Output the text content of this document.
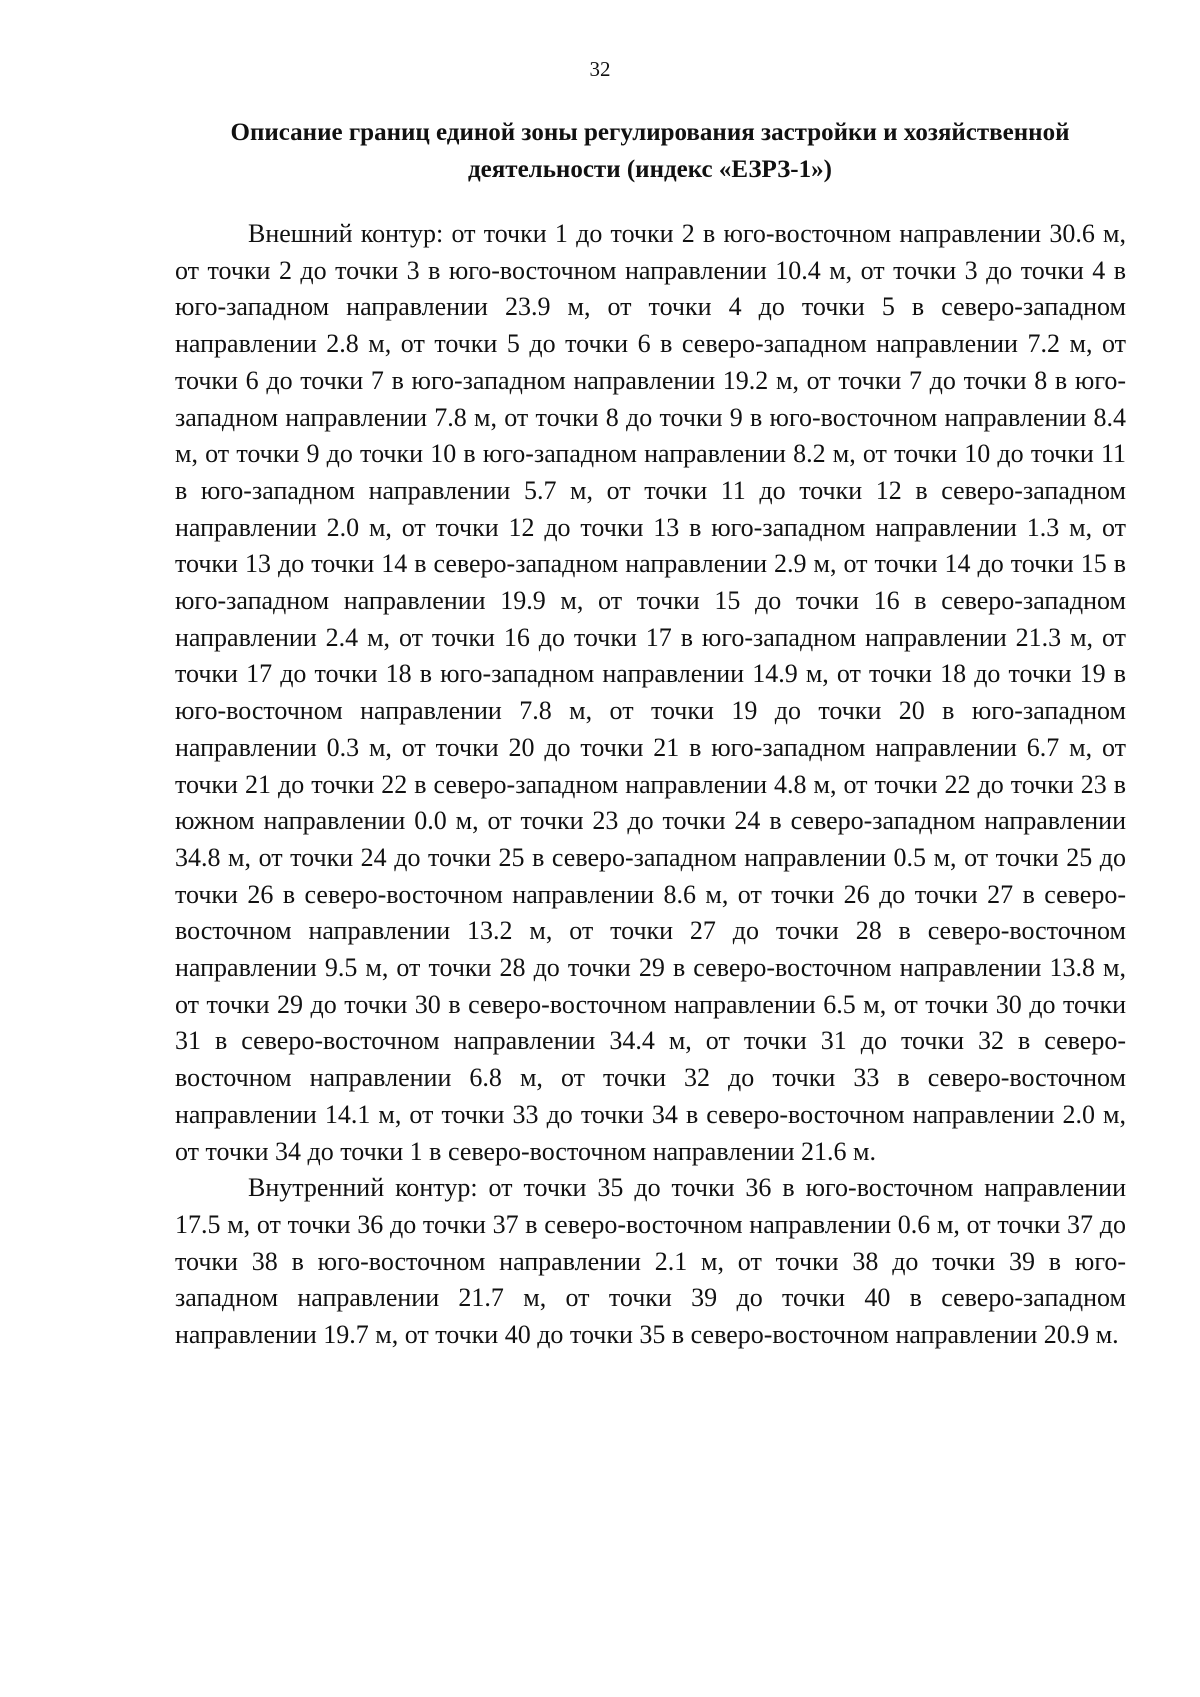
32
Описание границ единой зоны регулирования застройки и хозяйственной деятельности (индекс «ЕЗРЗ-1»)

Внешний контур: от точки 1 до точки 2 в юго-восточном направлении 30.6 м, от точки 2 до точки 3 в юго-восточном направлении 10.4 м, от точки 3 до точки 4 в юго-западном направлении 23.9 м, от точки 4 до точки 5 в северо-западном направлении 2.8 м, от точки 5 до точки 6 в северо-западном направлении 7.2 м, от точки 6 до точки 7 в юго-западном направлении 19.2 м, от точки 7 до точки 8 в юго-западном направлении 7.8 м, от точки 8 до точки 9 в юго-восточном направлении 8.4 м, от точки 9 до точки 10 в юго-западном направлении 8.2 м, от точки 10 до точки 11 в юго-западном направлении 5.7 м, от точки 11 до точки 12 в северо-западном направлении 2.0 м, от точки 12 до точки 13 в юго-западном направлении 1.3 м, от точки 13 до точки 14 в северо-западном направлении 2.9 м, от точки 14 до точки 15 в юго-западном направлении 19.9 м, от точки 15 до точки 16 в северо-западном направлении 2.4 м, от точки 16 до точки 17 в юго-западном направлении 21.3 м, от точки 17 до точки 18 в юго-западном направлении 14.9 м, от точки 18 до точки 19 в юго-восточном направлении 7.8 м, от точки 19 до точки 20 в юго-западном направлении 0.3 м, от точки 20 до точки 21 в юго-западном направлении 6.7 м, от точки 21 до точки 22 в северо-западном направлении 4.8 м, от точки 22 до точки 23 в южном направлении 0.0 м, от точки 23 до точки 24 в северо-западном направлении 34.8 м, от точки 24 до точки 25 в северо-западном направлении 0.5 м, от точки 25 до точки 26 в северо-восточном направлении 8.6 м, от точки 26 до точки 27 в северо-восточном направлении 13.2 м, от точки 27 до точки 28 в северо-восточном направлении 9.5 м, от точки 28 до точки 29 в северо-восточном направлении 13.8 м, от точки 29 до точки 30 в северо-восточном направлении 6.5 м, от точки 30 до точки 31 в северо-восточном направлении 34.4 м, от точки 31 до точки 32 в северо-восточном направлении 6.8 м, от точки 32 до точки 33 в северо-восточном направлении 14.1 м, от точки 33 до точки 34 в северо-восточном направлении 2.0 м, от точки 34 до точки 1 в северо-восточном направлении 21.6 м.

Внутренний контур: от точки 35 до точки 36 в юго-восточном направлении 17.5 м, от точки 36 до точки 37 в северо-восточном направлении 0.6 м, от точки 37 до точки 38 в юго-восточном направлении 2.1 м, от точки 38 до точки 39 в юго-западном направлении 21.7 м, от точки 39 до точки 40 в северо-западном направлении 19.7 м, от точки 40 до точки 35 в северо-восточном направлении 20.9 м.
